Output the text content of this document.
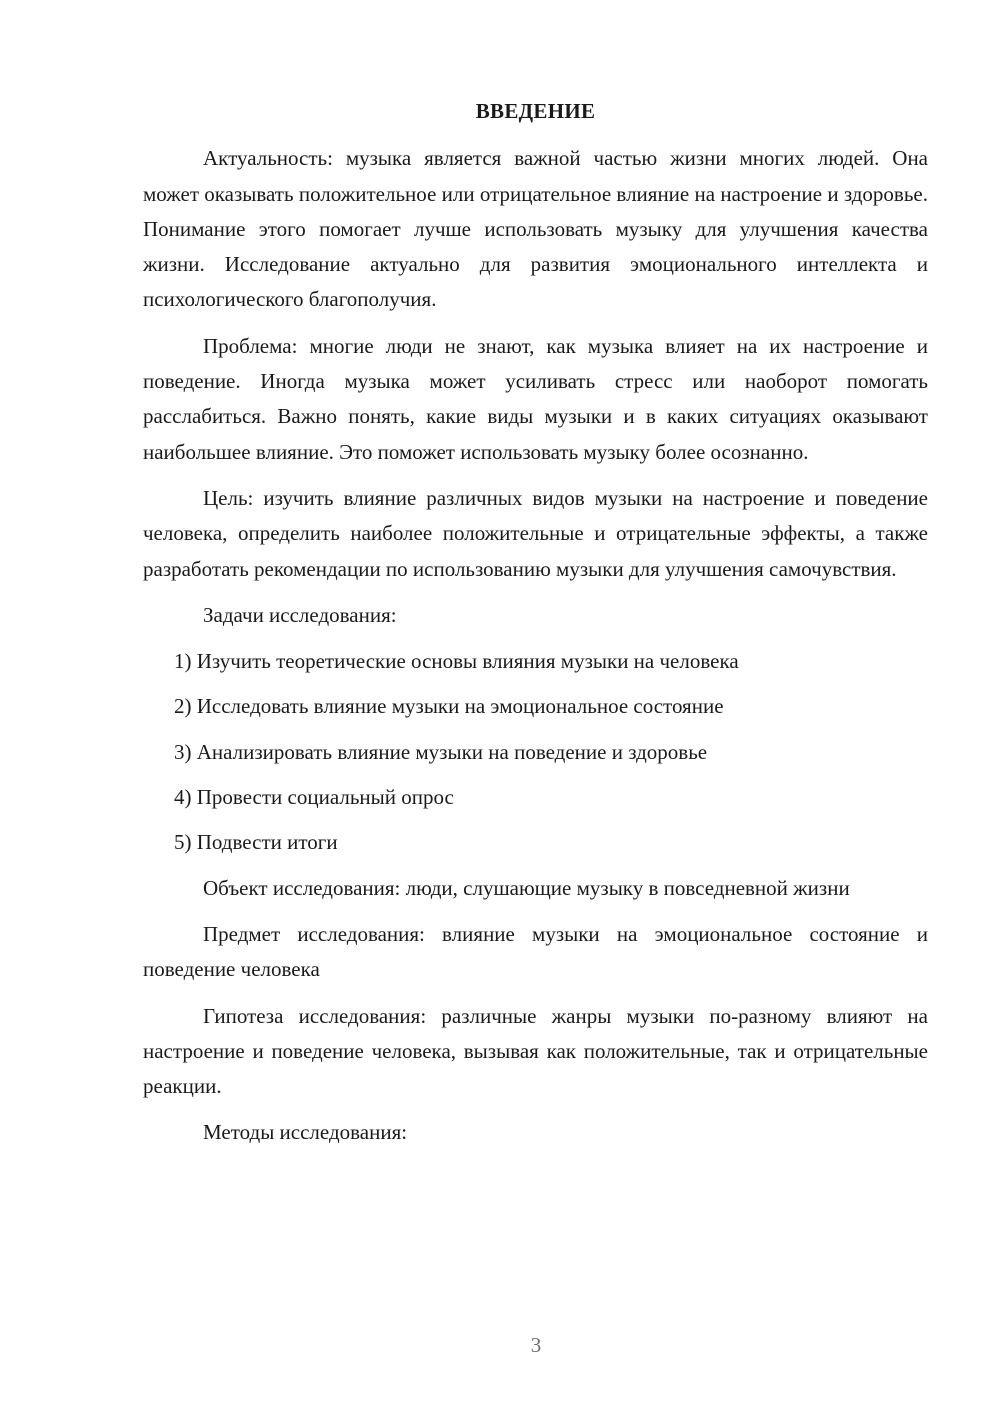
ВВЕДЕНИЕ

Актуальность: музыка является важной частью жизни многих людей. Она может оказывать положительное или отрицательное влияние на настроение и здоровье. Понимание этого помогает лучше использовать музыку для улучшения качества жизни. Исследование актуально для развития эмоционального интеллекта и психологического благополучия.

Проблема: многие люди не знают, как музыка влияет на их настроение и поведение. Иногда музыка может усиливать стресс или наоборот помогать расслабиться. Важно понять, какие виды музыки и в каких ситуациях оказывают наибольшее влияние. Это поможет использовать музыку более осознанно.

Цель: изучить влияние различных видов музыки на настроение и поведение человека, определить наиболее положительные и отрицательные эффекты, а также разработать рекомендации по использованию музыки для улучшения самочувствия.

Задачи исследования:

1) Изучить теоретические основы влияния музыки на человека
2) Исследовать влияние музыки на эмоциональное состояние
3) Анализировать влияние музыки на поведение и здоровье
4) Провести социальный опрос
5) Подвести итоги

Объект исследования: люди, слушающие музыку в повседневной жизни

Предмет исследования: влияние музыки на эмоциональное состояние и поведение человека

Гипотеза исследования: различные жанры музыки по-разному влияют на настроение и поведение человека, вызывая как положительные, так и отрицательные реакции.

Методы исследования:

3
